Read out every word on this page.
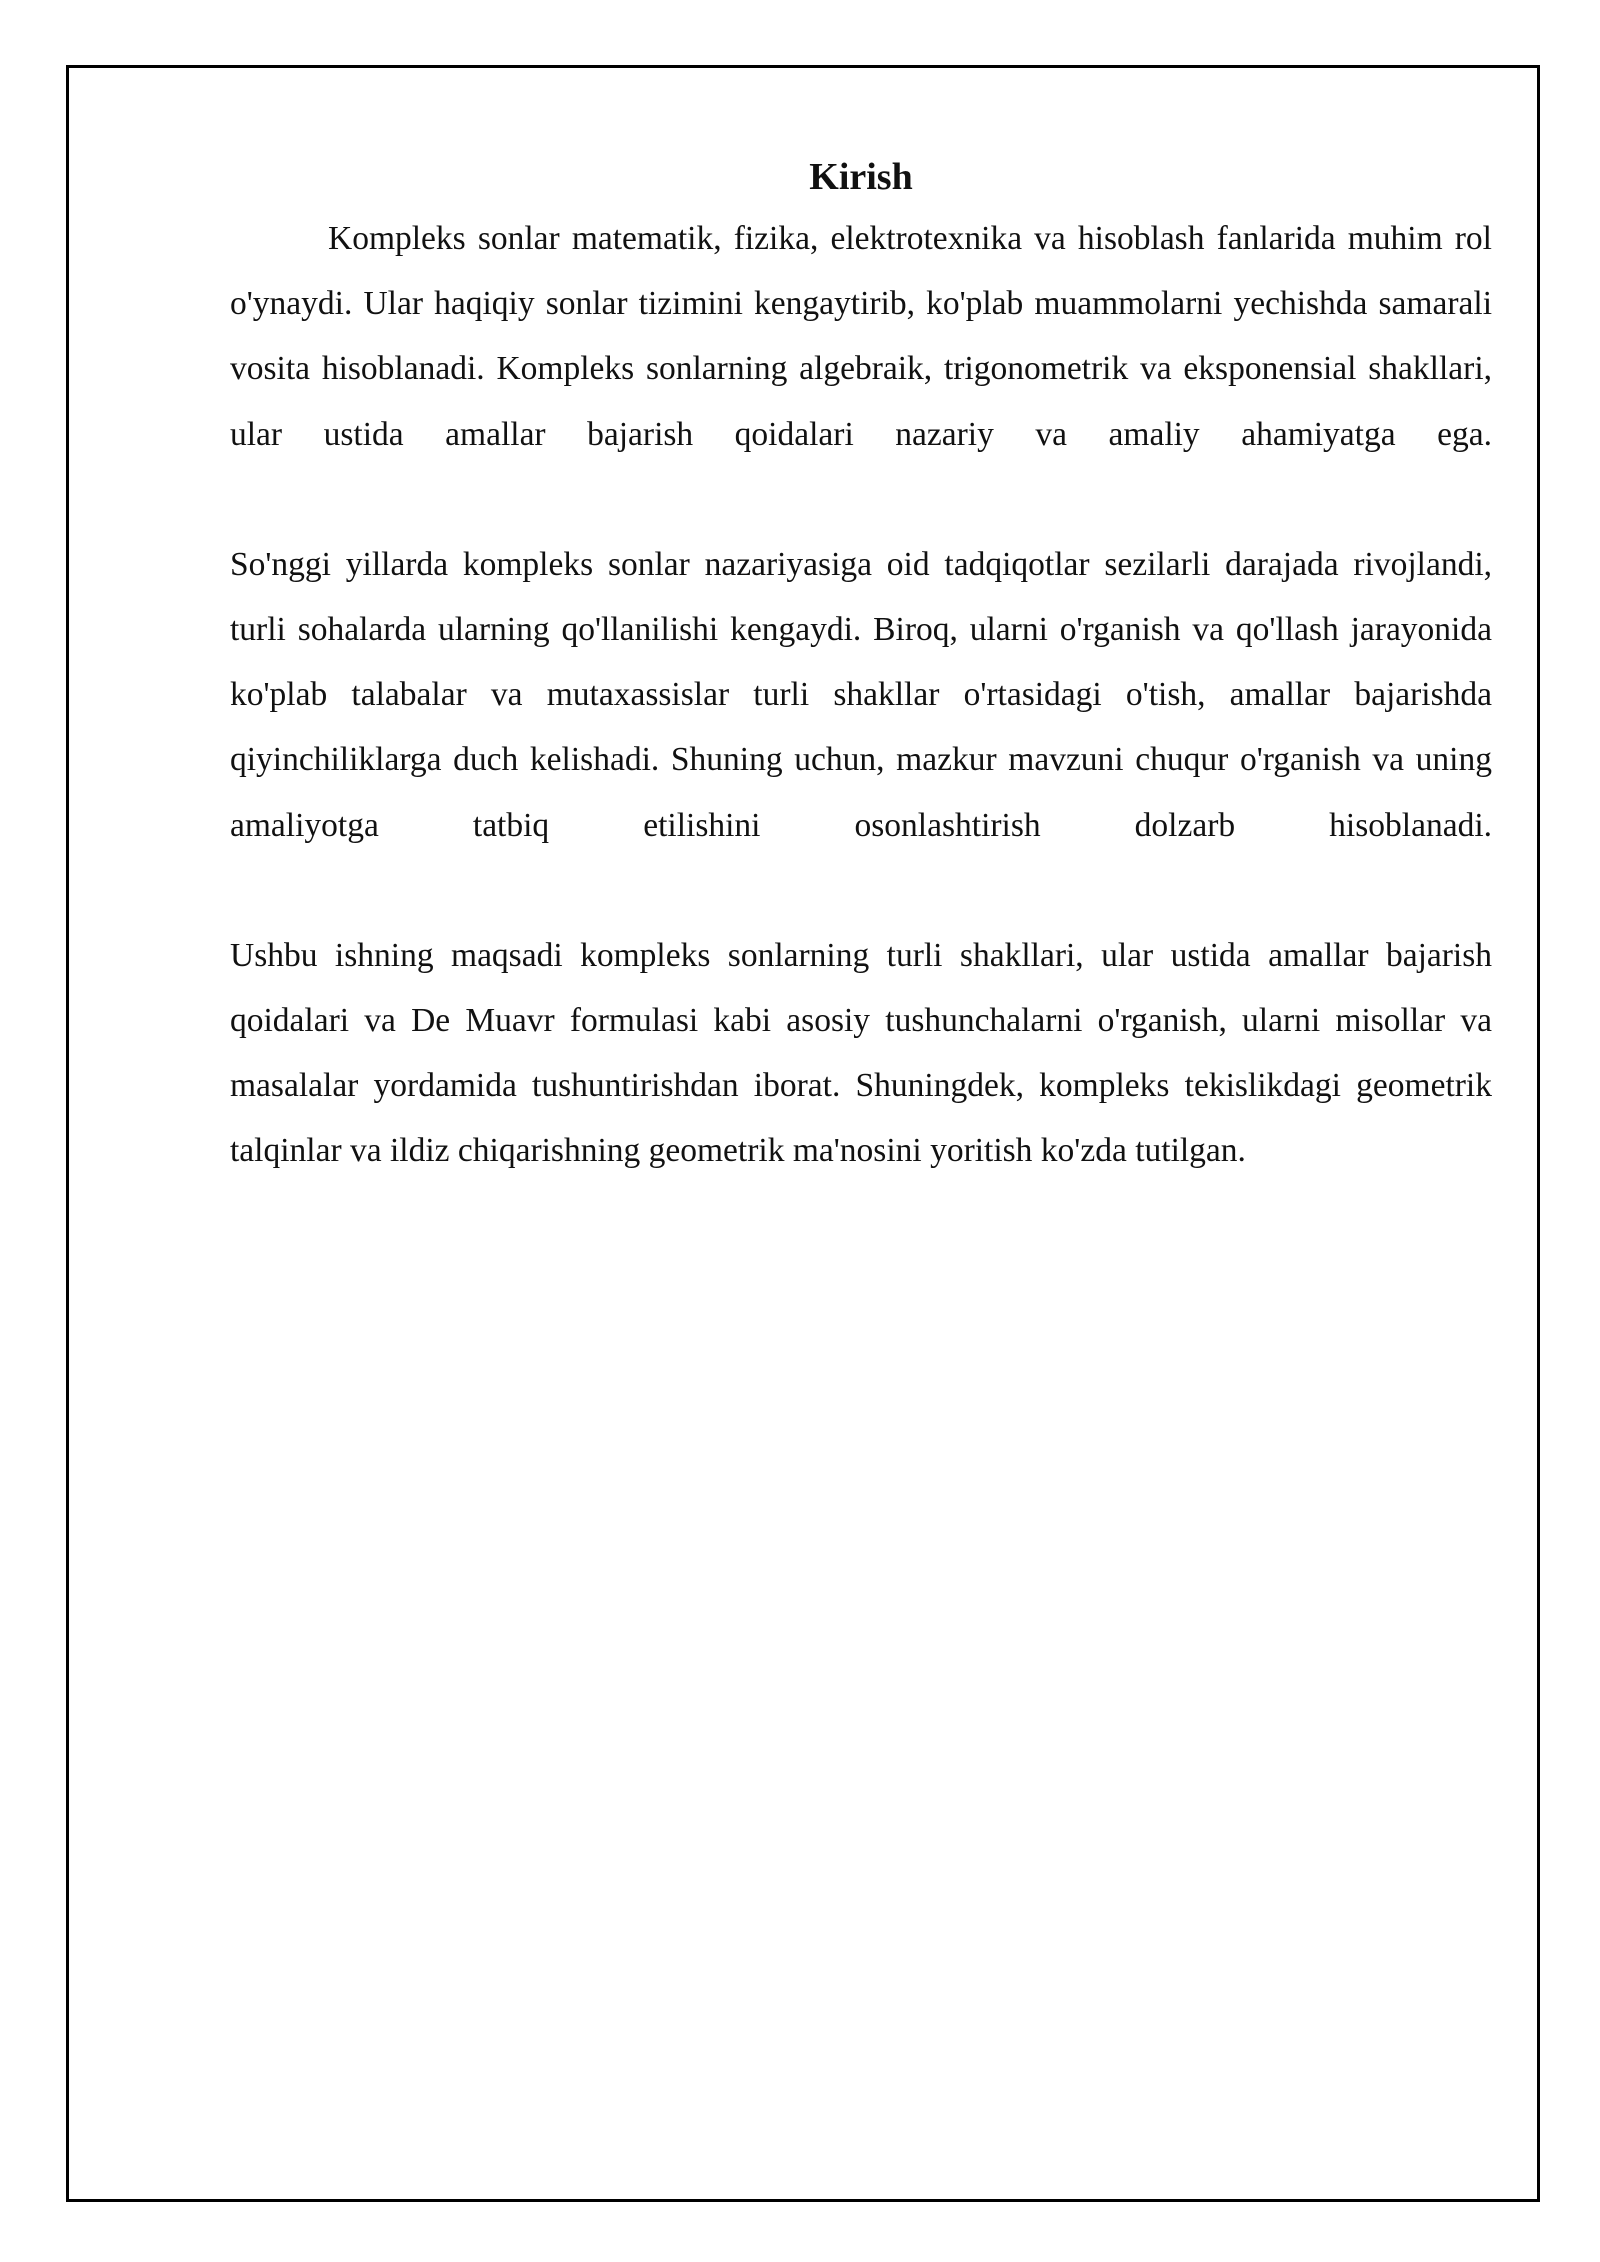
Kirish

Kompleks sonlar matematik, fizika, elektrotexnika va hisoblash fanlarida muhim rol o'ynaydi. Ular haqiqiy sonlar tizimini kengaytirib, ko'plab muammolarni yechishda samarali vosita hisoblanadi. Kompleks sonlarning algebraik, trigonometrik va eksponensial shakllari, ular ustida amallar bajarish qoidalari nazariy va amaliy ahamiyatga ega.

So'nggi yillarda kompleks sonlar nazariyasiga oid tadqiqotlar sezilarli darajada rivojlandi, turli sohalarda ularning qo'llanilishi kengaydi. Biroq, ularni o'rganish va qo'llash jarayonida ko'plab talabalar va mutaxassislar turli shakllar o'rtasidagi o'tish, amallar bajarishda qiyinchiliklarga duch kelishadi. Shuning uchun, mazkur mavzuni chuqur o'rganish va uning amaliyotga tatbiq etilishini osonlashtirish dolzarb hisoblanadi.

Ushbu ishning maqsadi kompleks sonlarning turli shakllari, ular ustida amallar bajarish qoidalari va De Muavr formulasi kabi asosiy tushunchalarni o'rganish, ularni misollar va masalalar yordamida tushuntirishdan iborat. Shuningdek, kompleks tekislikdagi geometrik talqinlar va ildiz chiqarishning geometrik ma'nosini yoritish ko'zda tutilgan.
